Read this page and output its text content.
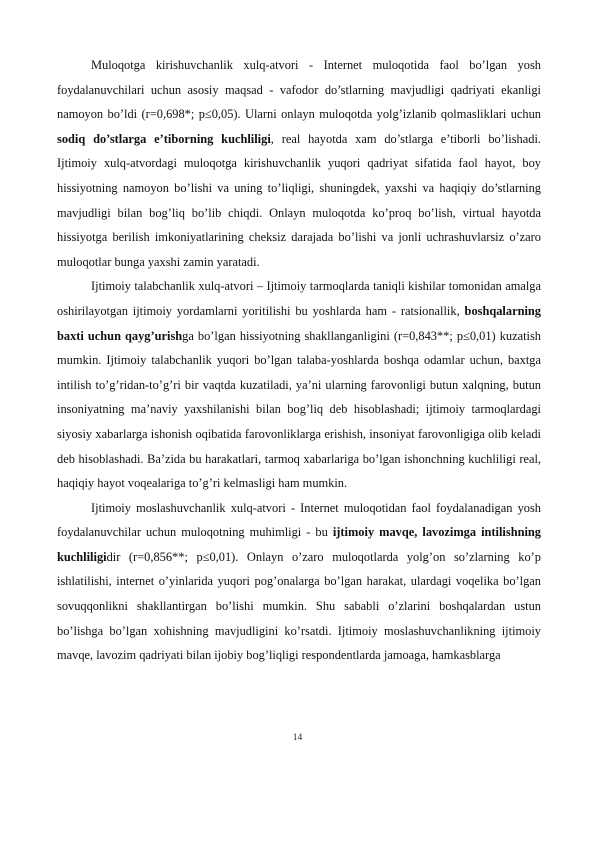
Muloqotga kirishuvchanlik xulq-atvori - Internet muloqotida faol bo’lgan yosh foydalanuvchilari uchun asosiy maqsad - vafodor do’stlarning mavjudligi qadriyati ekanligi namoyon bo’ldi (r=0,698*; p≤0,05). Ularni onlayn muloqotda yolg’izlanib qolmasliklari uchun sodiq do’stlarga e’tiborning kuchliligi, real hayotda xam do’stlarga e’tiborli bo’lishadi. Ijtimoiy xulq-atvordagi muloqotga kirishuvchanlik yuqori qadriyat sifatida faol hayot, boy hissiyotning namoyon bo’lishi va uning to’liqligi, shuningdek, yaxshi va haqiqiy do’stlarning mavjudligi bilan bog’liq bo’lib chiqdi. Onlayn muloqotda ko’proq bo’lish, virtual hayotda hissiyotga berilish imkoniyatlarining cheksiz darajada bo’lishi va jonli uchrashuvlarsiz o’zaro muloqotlar bunga yaxshi zamin yaratadi.

Ijtimoiy talabchanlik xulq-atvori – Ijtimoiy tarmoqlarda taniqli kishilar tomonidan amalga oshirilayotgan ijtimoiy yordamlarni yoritilishi bu yoshlarda ham - ratsionallik, boshqalarning baxti uchun qayg’urishga bo’lgan hissiyotning shakllanganligini (r=0,843**; p≤0,01) kuzatish mumkin. Ijtimoiy talabchanlik yuqori bo’lgan talaba-yoshlarda boshqa odamlar uchun, baxtga intilish to’g’ridan-to’g’ri bir vaqtda kuzatiladi, ya’ni ularning farovonligi butun xalqning, butun insoniyatning ma’naviy yaxshilanishi bilan bog’liq deb hisoblashadi; ijtimoiy tarmoqlardagi siyosiy xabarlarga ishonish oqibatida farovonliklarga erishish, insoniyat farovonligiga olib keladi deb hisoblashadi. Ba’zida bu harakatlari, tarmoq xabarlariga bo’lgan ishonchning kuchliligi real, haqiqiy hayot voqealariga to’g’ri kelmasligi ham mumkin.

Ijtimoiy moslashuvchanlik xulq-atvori - Internet muloqotidan faol foydalanadigan yosh foydalanuvchilar uchun muloqotning muhimligi - bu ijtimoiy mavqe, lavozimga intilishning kuchliligidir (r=0,856**; p≤0,01). Onlayn o’zaro muloqotlarda yolg’on so’zlarning ko’p ishlatilishi, internet o’yinlarida yuqori pog’onalarga bo’lgan harakat, ulardagi voqelika bo’lgan sovuqqonlikni shakllantirgan bo’lishi mumkin. Shu sababli o’zlarini boshqalardan ustun bo’lishga bo’lgan xohishning mavjudligini ko’rsatdi. Ijtimoiy moslashuvchanlikning ijtimoiy mavqe, lavozim qadriyati bilan ijobiy bog’liqligi respondentlarda jamoaga, hamkasblarga

14
